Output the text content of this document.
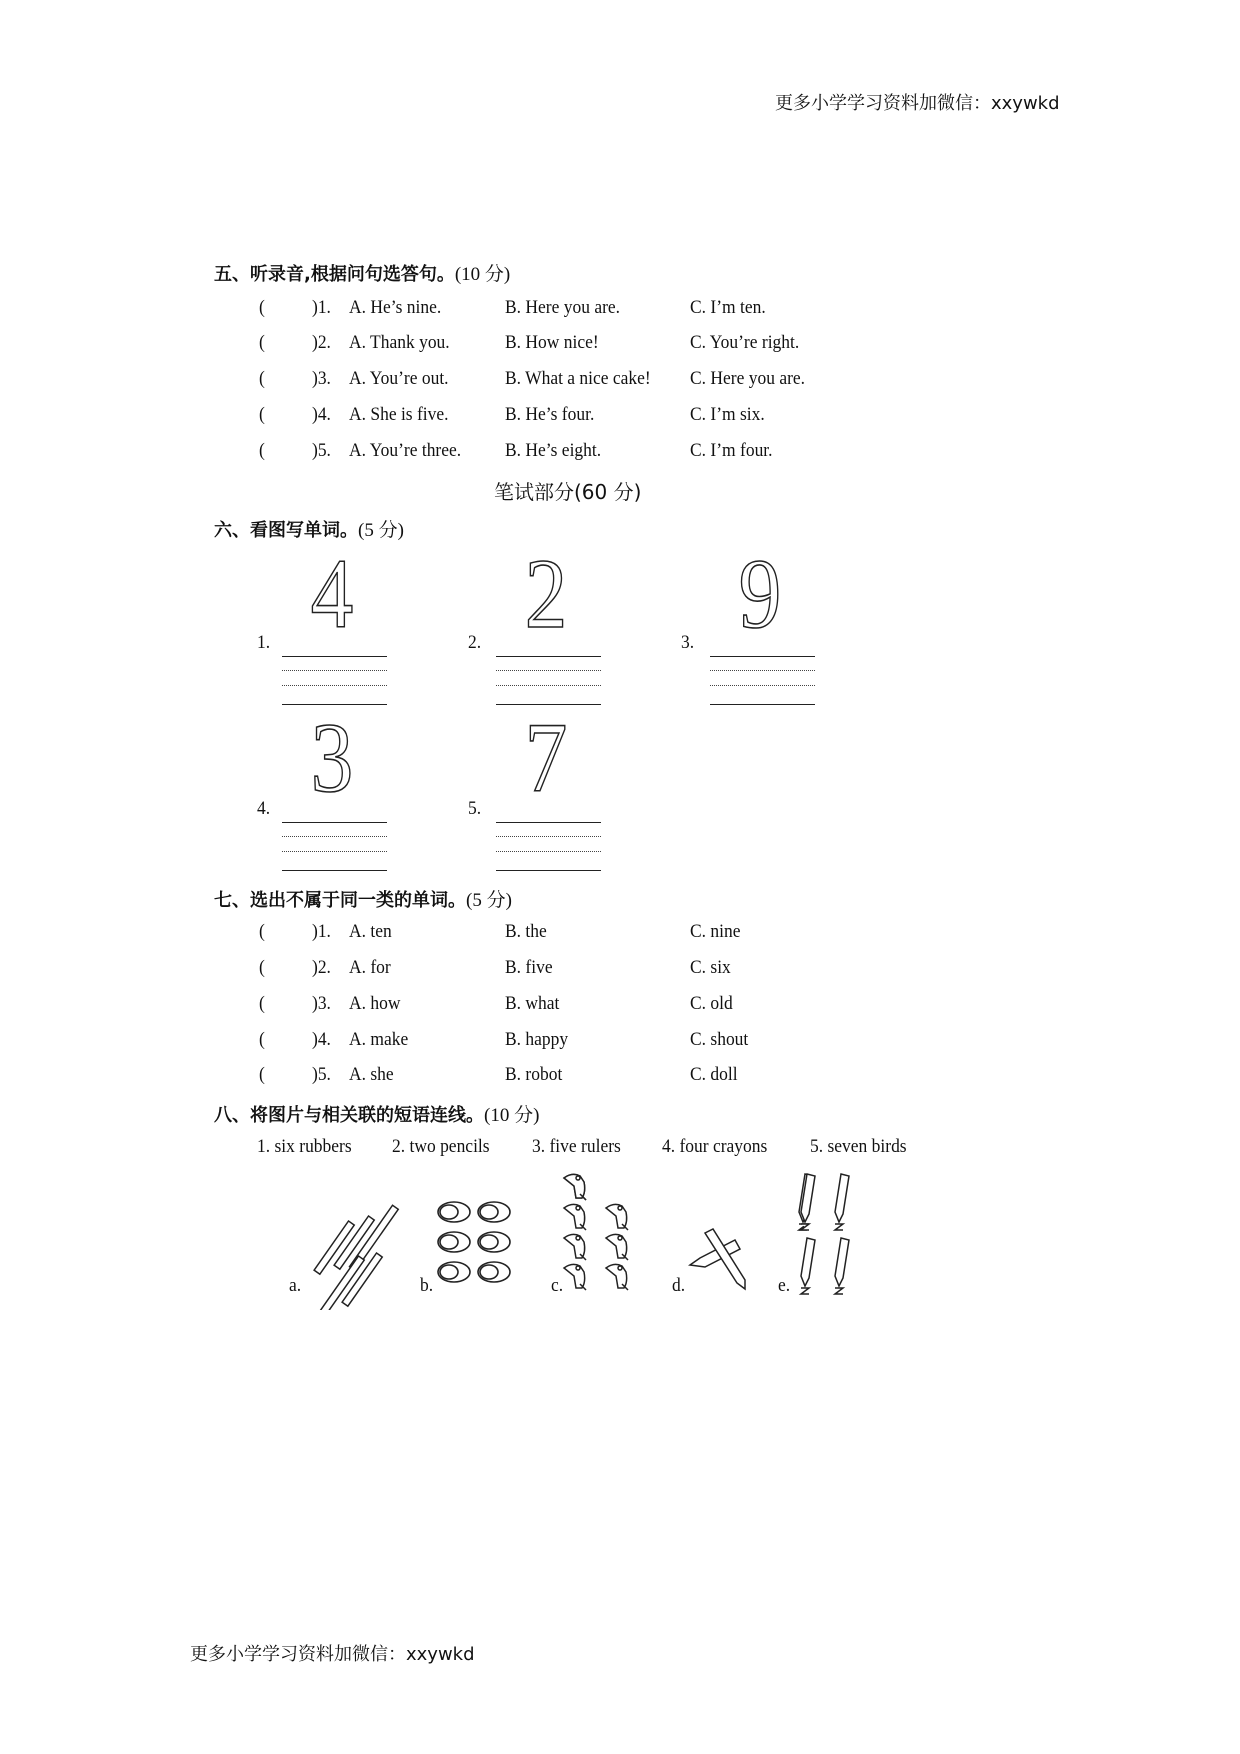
更多小学学习资料加微信：xxywkd
五、听录音,根据问句选答句。(10 分)
( )1. A. He’s nine.	B. Here you are.	C. I’m ten.
( )2. A. Thank you.	B. How nice!	C. You’re right.
( )3. A. You’re out.	B. What a nice cake! C. Here you are.
( )4. A. She is five.	B. He’s four.	C. I’m six.
( )5. A. You’re three. B. He’s eight.	C. I’m four.
笔试部分(60 分)
六、看图写单词。(5 分)
4
1.	2
2.	9
3.
3
4.	7
5.
七、选出不属于同一类的单词。(5 分)
( )1. A. ten	B. the	C. nine
( )2. A. for	B. five	C. six
( )3. A. how	B. what	C. old
( )4. A. make	B. happy	C. shout
( )5. A. she	B. robot	C. doll
八、将图片与相关联的短语连线。(10 分)
1. six rubbers 2. two pencils 3. five rulers 4. four crayons 5. seven birds
a.	b.	c.	d.	e.
更多小学学习资料加微信：xxywkd
